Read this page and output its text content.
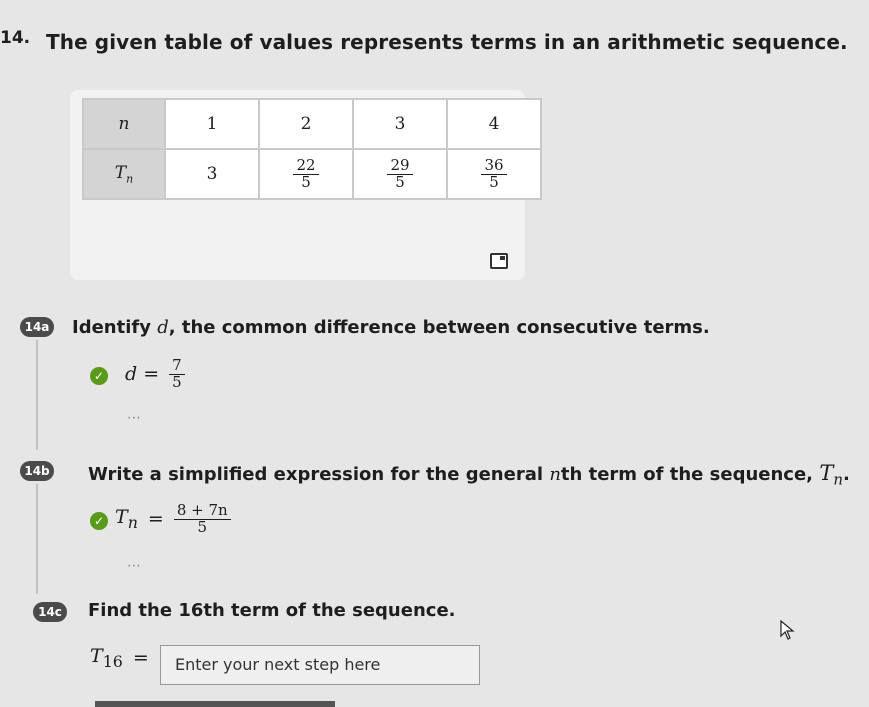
14. The given table of values represents terms in an arithmetic sequence.
n	1	2	3	4
$T_n$	3	$\frac{22}{5}$	$\frac{29}{5}$	$\frac{36}{5}$
14a Identify d, the common difference between consecutive terms.
✓ $d = \frac{7}{5}$
⋯
14b Write a simplified expression for the general nth term of the sequence, $T_n$.
✓ $T_n = \frac{8 + 7n}{5}$
⋯
14c Find the 16th term of the sequence.
$T_{16}$ =	Enter your next step here
